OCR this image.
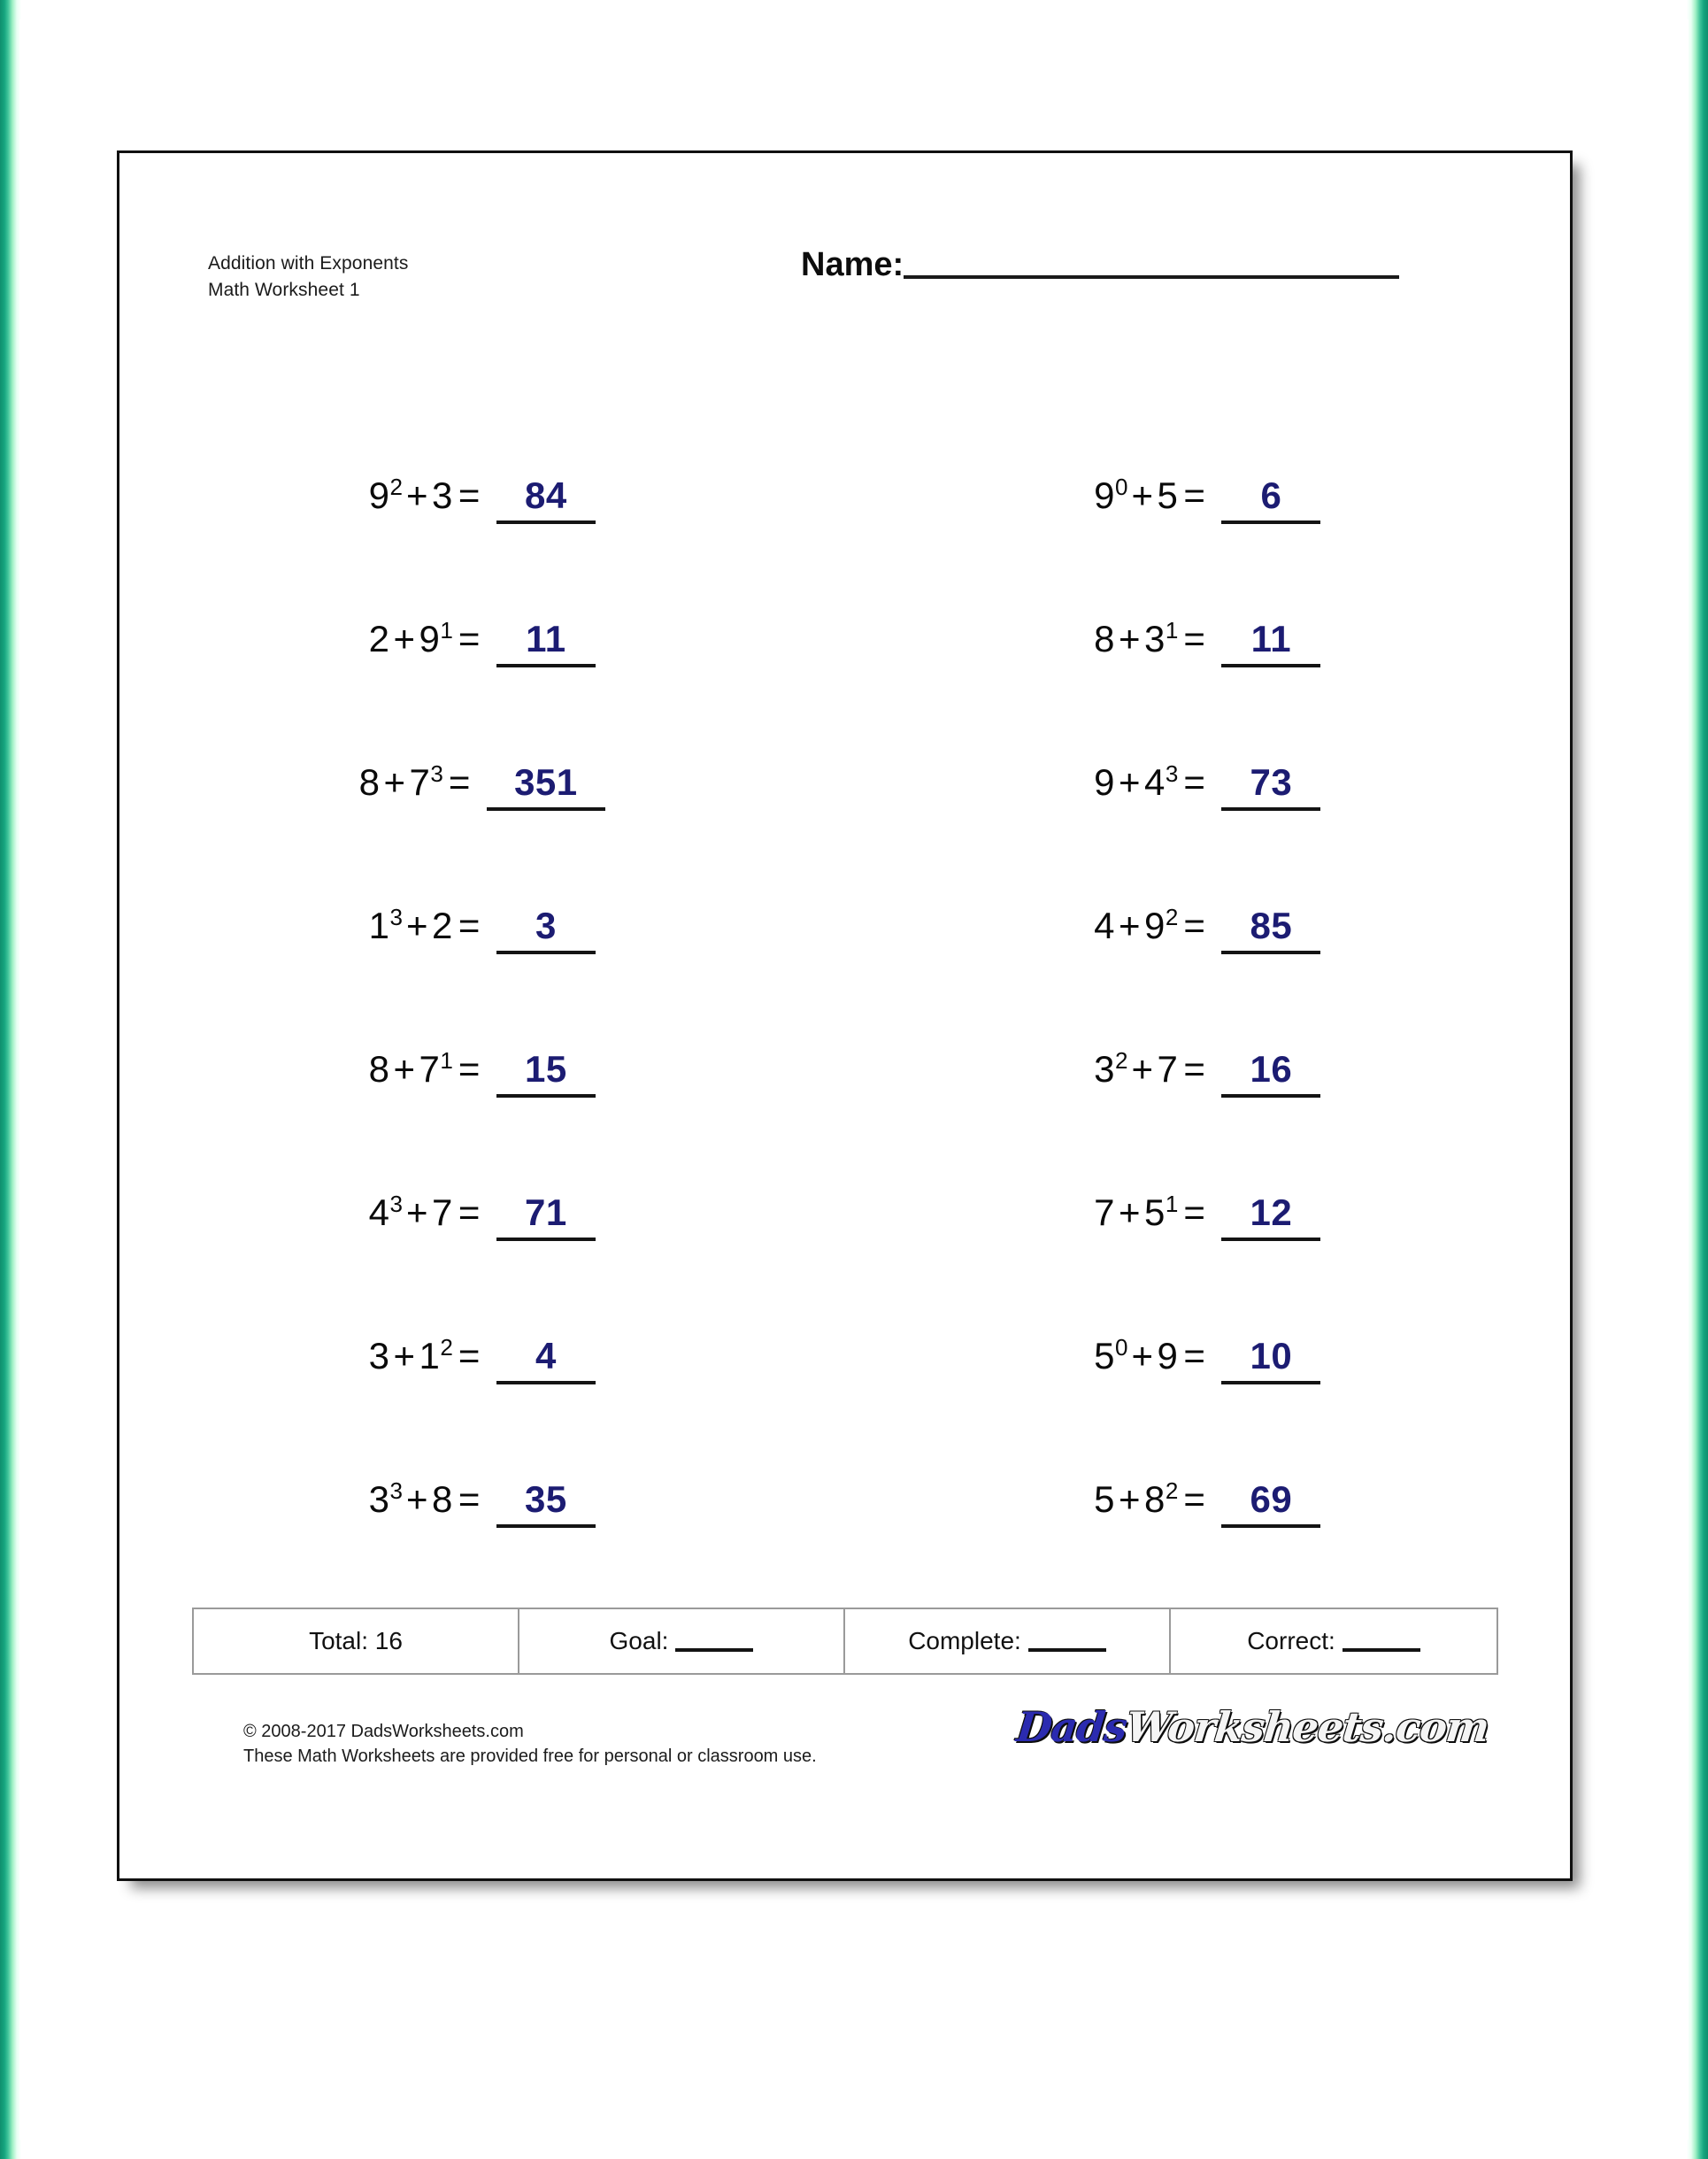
Addition with Exponents
Math Worksheet 1
Name:
$9^2+3 = 84$	$9^0+5 = 6$
$2+9^1 = 11$	$8+3^1 = 11$
$8+7^3 = 351$	$9+4^3 = 73$
$1^3+2 = 3$	$4+9^2 = 85$
$8+7^1 = 15$	$3^2+7 = 16$
$4^3+7 = 71$	$7+5^1 = 12$
$3+1^2 = 4$	$5^0+9 = 10$
$3^3+8 = 35$	$5+8^2 = 69$
Total: 16	Goal:	Complete:	Correct:
© 2008-2017 DadsWorksheets.com
These Math Worksheets are provided free for personal or classroom use.
DadsWorksheets.com
